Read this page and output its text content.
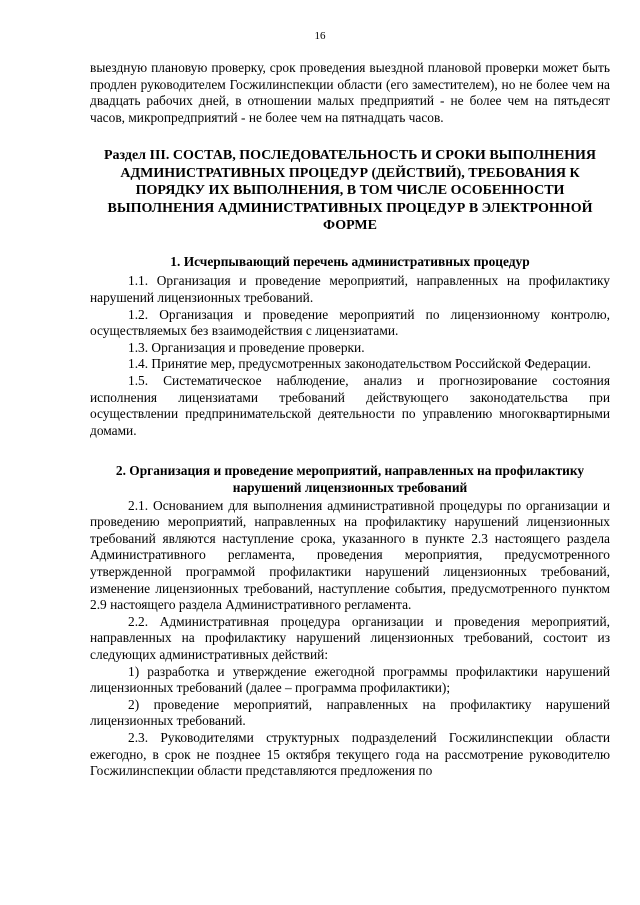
16

выездную плановую проверку, срок проведения выездной плановой проверки может быть продлен руководителем Госжилинспекции области (его заместителем), но не более чем на двадцать рабочих дней, в отношении малых предприятий - не более чем на пятьдесят часов, микропредприятий - не более чем на пятнадцать часов.

Раздел III. СОСТАВ, ПОСЛЕДОВАТЕЛЬНОСТЬ И СРОКИ ВЫПОЛНЕНИЯ АДМИНИСТРАТИВНЫХ ПРОЦЕДУР (ДЕЙСТВИЙ), ТРЕБОВАНИЯ К ПОРЯДКУ ИХ ВЫПОЛНЕНИЯ, В ТОМ ЧИСЛЕ ОСОБЕННОСТИ ВЫПОЛНЕНИЯ АДМИНИСТРАТИВНЫХ ПРОЦЕДУР В ЭЛЕКТРОННОЙ ФОРМЕ
1. Исчерпывающий перечень административных процедур

1.1. Организация и проведение мероприятий, направленных на профилактику нарушений лицензионных требований.

1.2. Организация и проведение мероприятий по лицензионному контролю, осуществляемых без взаимодействия с лицензиатами.

1.3. Организация и проведение проверки.

1.4. Принятие мер, предусмотренных законодательством Российской Федерации.

1.5. Систематическое наблюдение, анализ и прогнозирование состояния исполнения лицензиатами требований действующего законодательства при осуществлении предпринимательской деятельности по управлению многоквартирными домами.

2. Организация и проведение мероприятий, направленных на профилактику нарушений лицензионных требований

2.1. Основанием для выполнения административной процедуры по организации и проведению мероприятий, направленных на профилактику нарушений лицензионных требований являются наступление срока, указанного в пункте 2.3 настоящего раздела Административного регламента, проведения мероприятия, предусмотренного утвержденной программой профилактики нарушений лицензионных требований, изменение лицензионных требований, наступление события, предусмотренного пунктом 2.9 настоящего раздела Административного регламента.

2.2. Административная процедура организации и проведения мероприятий, направленных на профилактику нарушений лицензионных требований, состоит из следующих административных действий:

1) разработка и утверждение ежегодной программы профилактики нарушений лицензионных требований (далее – программа профилактики);

2) проведение мероприятий, направленных на профилактику нарушений лицензионных требований.

2.3. Руководителями структурных подразделений Госжилинспекции области ежегодно, в срок не позднее 15 октября текущего года на рассмотрение руководителю Госжилинспекции области представляются предложения по
